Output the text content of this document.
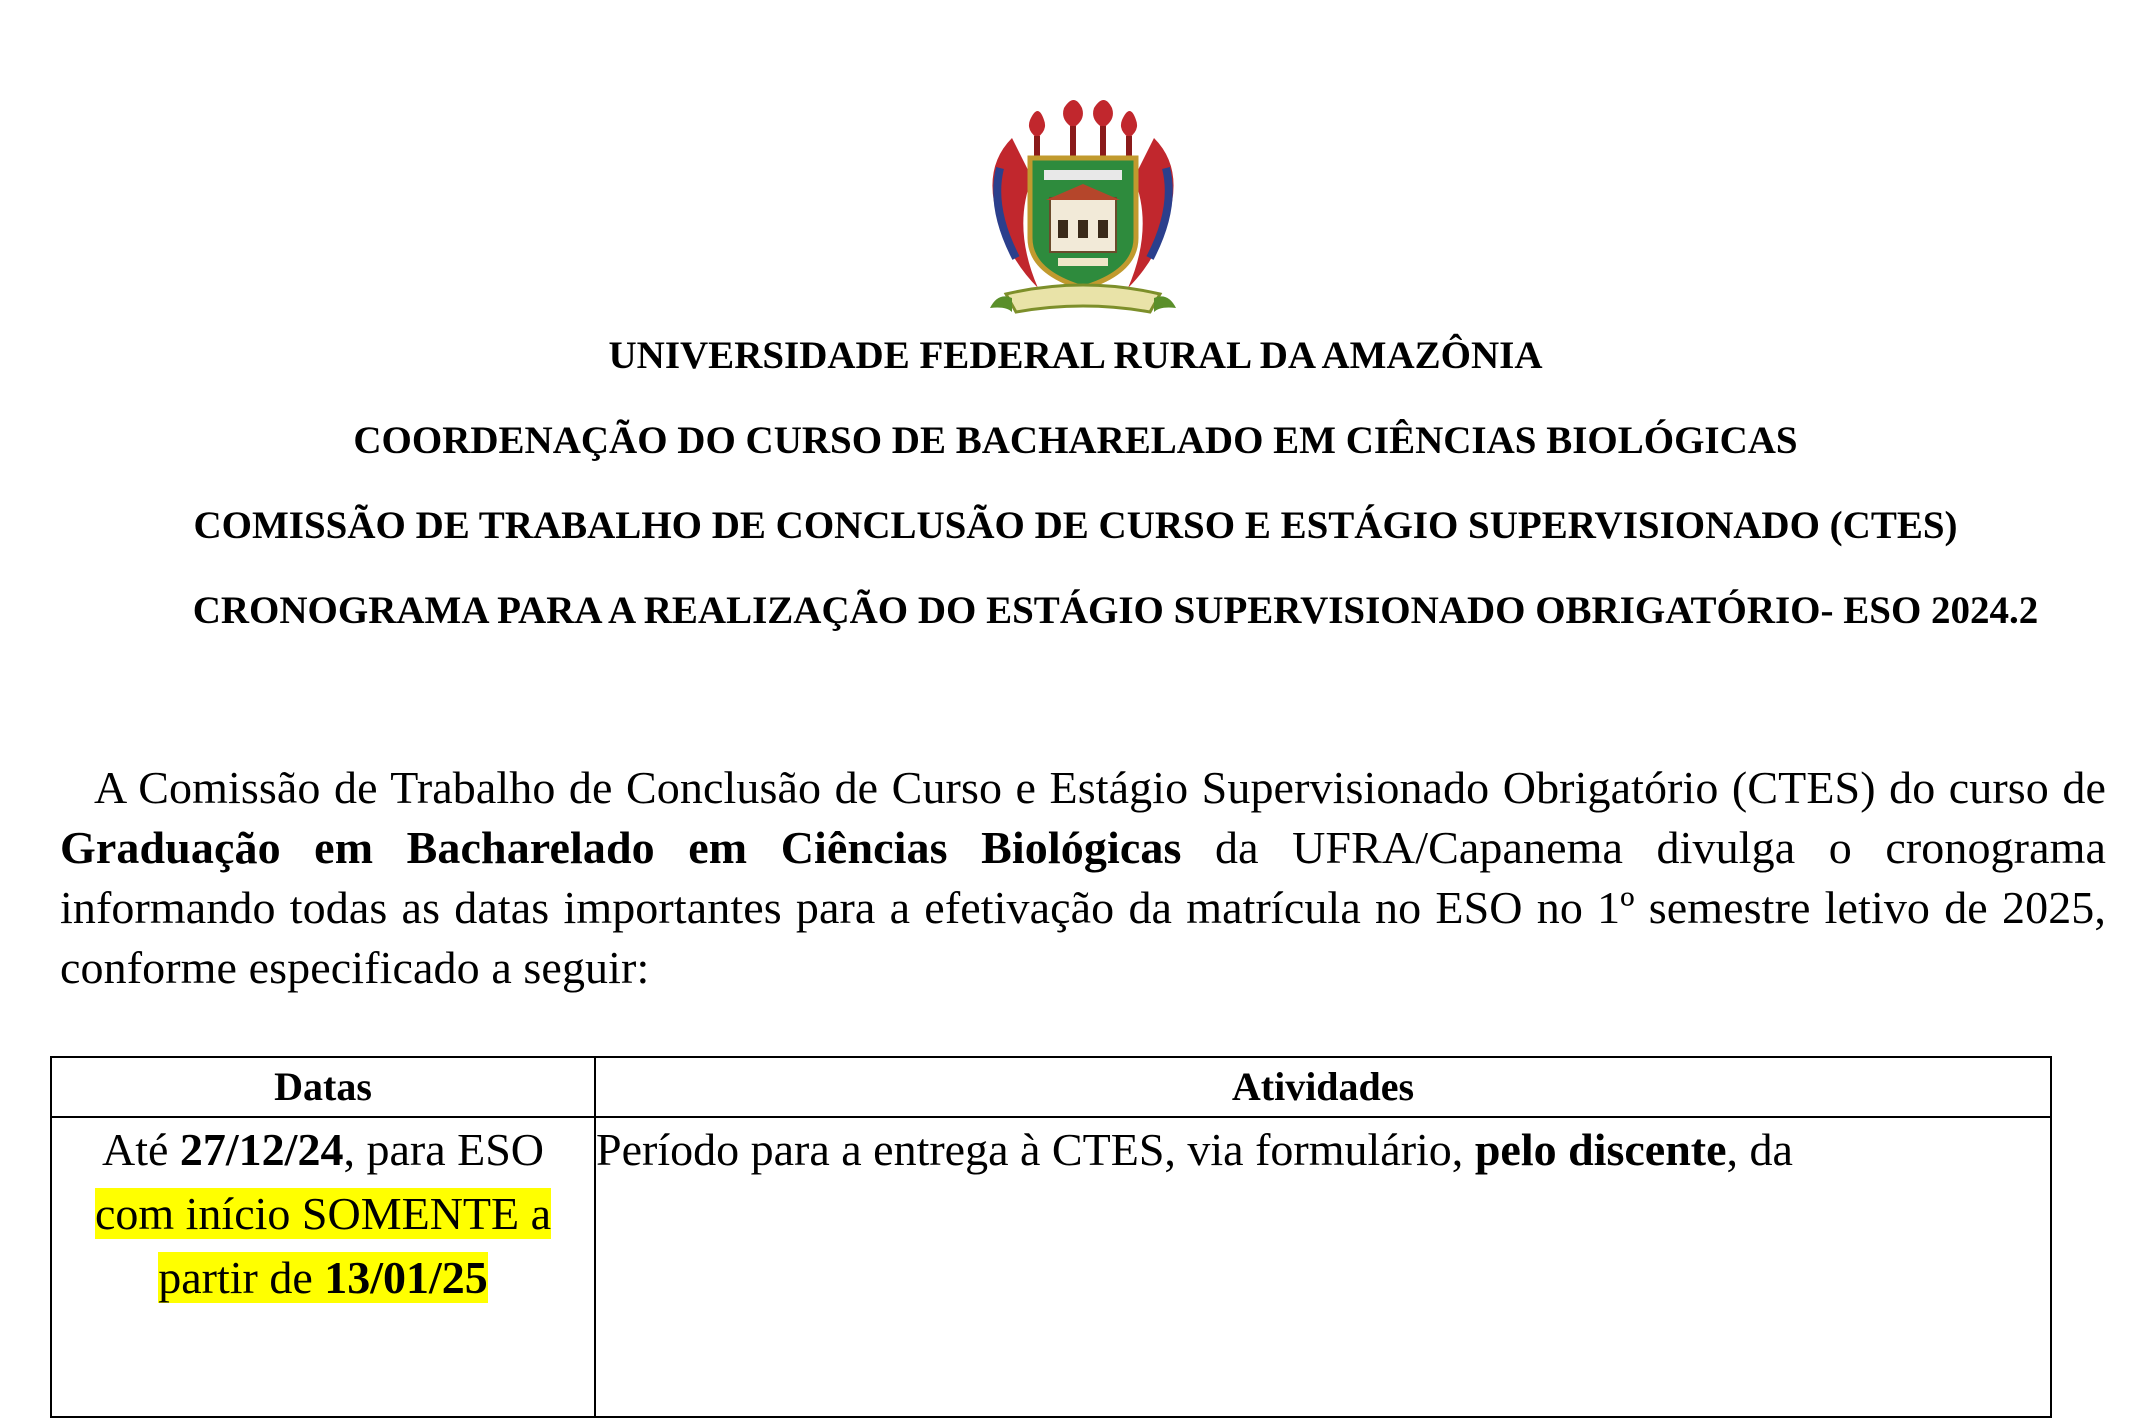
UNIVERSIDADE FEDERAL RURAL DA AMAZÔNIA
COORDENAÇÃO DO CURSO DE BACHARELADO EM CIÊNCIAS BIOLÓGICAS
COMISSÃO DE TRABALHO DE CONCLUSÃO DE CURSO E ESTÁGIO SUPERVISIONADO (CTES)
CRONOGRAMA PARA A REALIZAÇÃO DO ESTÁGIO SUPERVISIONADO OBRIGATÓRIO- ESO 2024.2
A Comissão de Trabalho de Conclusão de Curso e Estágio Supervisionado Obrigatório (CTES) do curso de Graduação em Bacharelado em Ciências Biológicas da UFRA/Capanema divulga o cronograma informando todas as datas importantes para a efetivação da matrícula no ESO no 1º semestre letivo de 2025, conforme especificado a seguir:
Datas	Atividades
Até 27/12/24, para ESO
com início SOMENTE a
partir de 13/01/25	Período para a entrega à CTES, via formulário, pelo discente, da
